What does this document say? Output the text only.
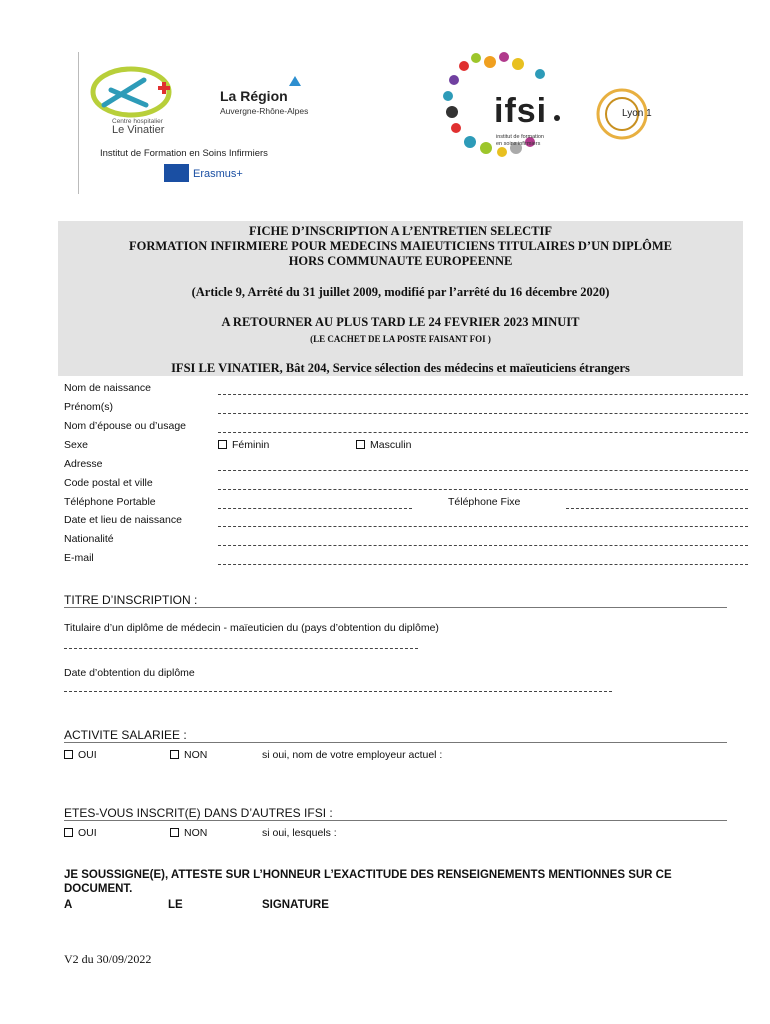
La Région
Auvergne-Rhône-Alpes
Centre hospitalier
Le Vinatier
Institut de Formation en Soins Infirmiers
Erasmus+
ifsi
institut de formation
en soins infirmiers
Lyon 1
FICHE D’INSCRIPTION A L’ENTRETIEN SELECTIF
FORMATION INFIRMIERE POUR MEDECINS MAIEUTICIENS TITULAIRES D’UN DIPLÔME
HORS COMMUNAUTE EUROPEENNE
(Article 9, Arrêté du 31 juillet 2009, modifié par l’arrêté du 16 décembre 2020)
A RETOURNER AU PLUS TARD LE 24 FEVRIER 2023 MINUIT
(LE CACHET DE LA POSTE FAISANT FOI )
IFSI LE VINATIER, Bât 204, Service sélection des médecins et maïeuticiens étrangers
Nom de naissance
Prénom(s)
Nom d’épouse ou d’usage
Sexe	Féminin	Masculin
Adresse
Code postal et ville
Téléphone Portable	Téléphone Fixe
Date et lieu de naissance
Nationalité
E-mail
TITRE D’INSCRIPTION :
Titulaire d’un diplôme de médecin - maïeuticien du (pays d’obtention du diplôme)
Date d’obtention du diplôme
ACTIVITE SALARIEE :
OUI	NON	si oui, nom de votre employeur actuel :
ETES-VOUS INSCRIT(E) DANS D’AUTRES IFSI :
OUI	NON	si oui, lesquels :
JE SOUSSIGNE(E), ATTESTE SUR L’HONNEUR L’EXACTITUDE DES RENSEIGNEMENTS MENTIONNES SUR CE DOCUMENT.
A	LE	SIGNATURE
V2 du 30/09/2022
